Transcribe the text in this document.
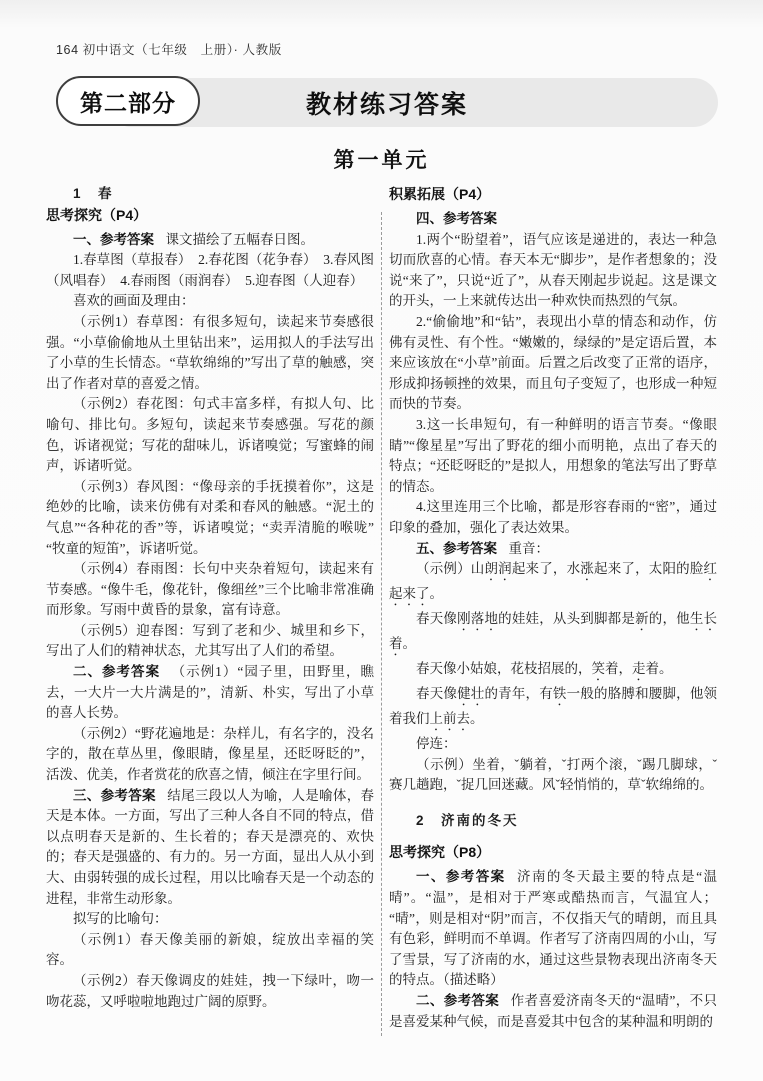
164 初中语文（七年级　上册）· 人教版
教材练习答案
第二部分
第一单元
1　春
思考探究（P4）

一、参考答案 课文描绘了五幅春日图。

1.春草图（草报春）　2.春花图（花争春）　3.春风图（风唱春）　4.春雨图（雨润春）　5.迎春图（人迎春）

喜欢的画面及理由：

（示例1）春草图：有很多短句，读起来节奏感很强。“小草偷偷地从土里钻出来”，运用拟人的手法写出了小草的生长情态。“草软绵绵的”写出了草的触感，突出了作者对草的喜爱之情。

（示例2）春花图：句式丰富多样，有拟人句、比喻句、排比句。多短句，读起来节奏感强。写花的颜色，诉诸视觉；写花的甜味儿，诉诸嗅觉；写蜜蜂的闹声，诉诸听觉。

（示例3）春风图：“像母亲的手抚摸着你”，这是绝妙的比喻，读来仿佛有对柔和春风的触感。“泥土的气息”“各种花的香”等，诉诸嗅觉；“卖弄清脆的喉咙”“牧童的短笛”，诉诸听觉。

（示例4）春雨图：长句中夹杂着短句，读起来有节奏感。“像牛毛，像花针，像细丝”三个比喻非常准确而形象。写雨中黄昏的景象，富有诗意。

（示例5）迎春图：写到了老和少、城里和乡下，写出了人们的精神状态，尤其写出了人们的希望。

二、参考答案 （示例1）“园子里，田野里，瞧去，一大片一大片满是的”，清新、朴实，写出了小草的喜人长势。

（示例2）“野花遍地是：杂样儿，有名字的，没名字的，散在草丛里，像眼睛，像星星，还眨呀眨的”，活泼、优美，作者赏花的欣喜之情，倾注在字里行间。

三、参考答案 结尾三段以人为喻，人是喻体，春天是本体。一方面，写出了三种人各自不同的特点，借以点明春天是新的、生长着的；春天是漂亮的、欢快的；春天是强盛的、有力的。另一方面，显出人从小到大、由弱转强的成长过程，用以比喻春天是一个动态的进程，非常生动形象。

拟写的比喻句：

（示例1）春天像美丽的新娘，绽放出幸福的笑容。

（示例2）春天像调皮的娃娃，拽一下绿叶，吻一吻花蕊，又呼啦啦地跑过广阔的原野。

积累拓展（P4）

四、参考答案

1.两个“盼望着”，语气应该是递进的，表达一种急切而欣喜的心情。春天本无“脚步”，是作者想象的；没说“来了”，只说“近了”，从春天刚起步说起。这是课文的开头，一上来就传达出一种欢快而热烈的气氛。

2.“偷偷地”和“钻”，表现出小草的情态和动作，仿佛有灵性、有个性。“嫩嫩的，绿绿的”是定语后置，本来应该放在“小草”前面。后置之后改变了正常的语序，形成抑扬顿挫的效果，而且句子变短了，也形成一种短而快的节奏。

3.这一长串短句，有一种鲜明的语言节奏。“像眼睛”“像星星”写出了野花的细小而明艳，点出了春天的特点；“还眨呀眨的”是拟人，用想象的笔法写出了野草的情态。

4.这里连用三个比喻，都是形容春雨的“密”，通过印象的叠加，强化了表达效果。

五、参考答案 重音：

（示例）山朗润起来了，水涨起来了，太阳的脸红起来了。

春天像刚落地的娃娃，从头到脚都是新的，他生长着。

春天像小姑娘，花枝招展的，笑着，走着。

春天像健壮的青年，有铁一般的胳膊和腰脚，他领着我们上前去。

停连：

（示例）坐着，ˇ躺着，ˇ打两个滚，ˇ踢几脚球，ˇ赛几趟跑，ˇ捉几回迷藏。风ˇ轻悄悄的，草ˇ软绵绵的。

2　济南的冬天
思考探究（P8）

一、参考答案 济南的冬天最主要的特点是“温晴”。“温”，是相对于严寒或酷热而言，气温宜人；“晴”，则是相对“阴”而言，不仅指天气的晴朗，而且具有色彩，鲜明而不单调。作者写了济南四周的小山，写了雪景，写了济南的水，通过这些景物表现出济南冬天的特点。（描述略）

二、参考答案 作者喜爱济南冬天的“温晴”，不只是喜爱某种气候，而是喜爱其中包含的某种温和明朗的
